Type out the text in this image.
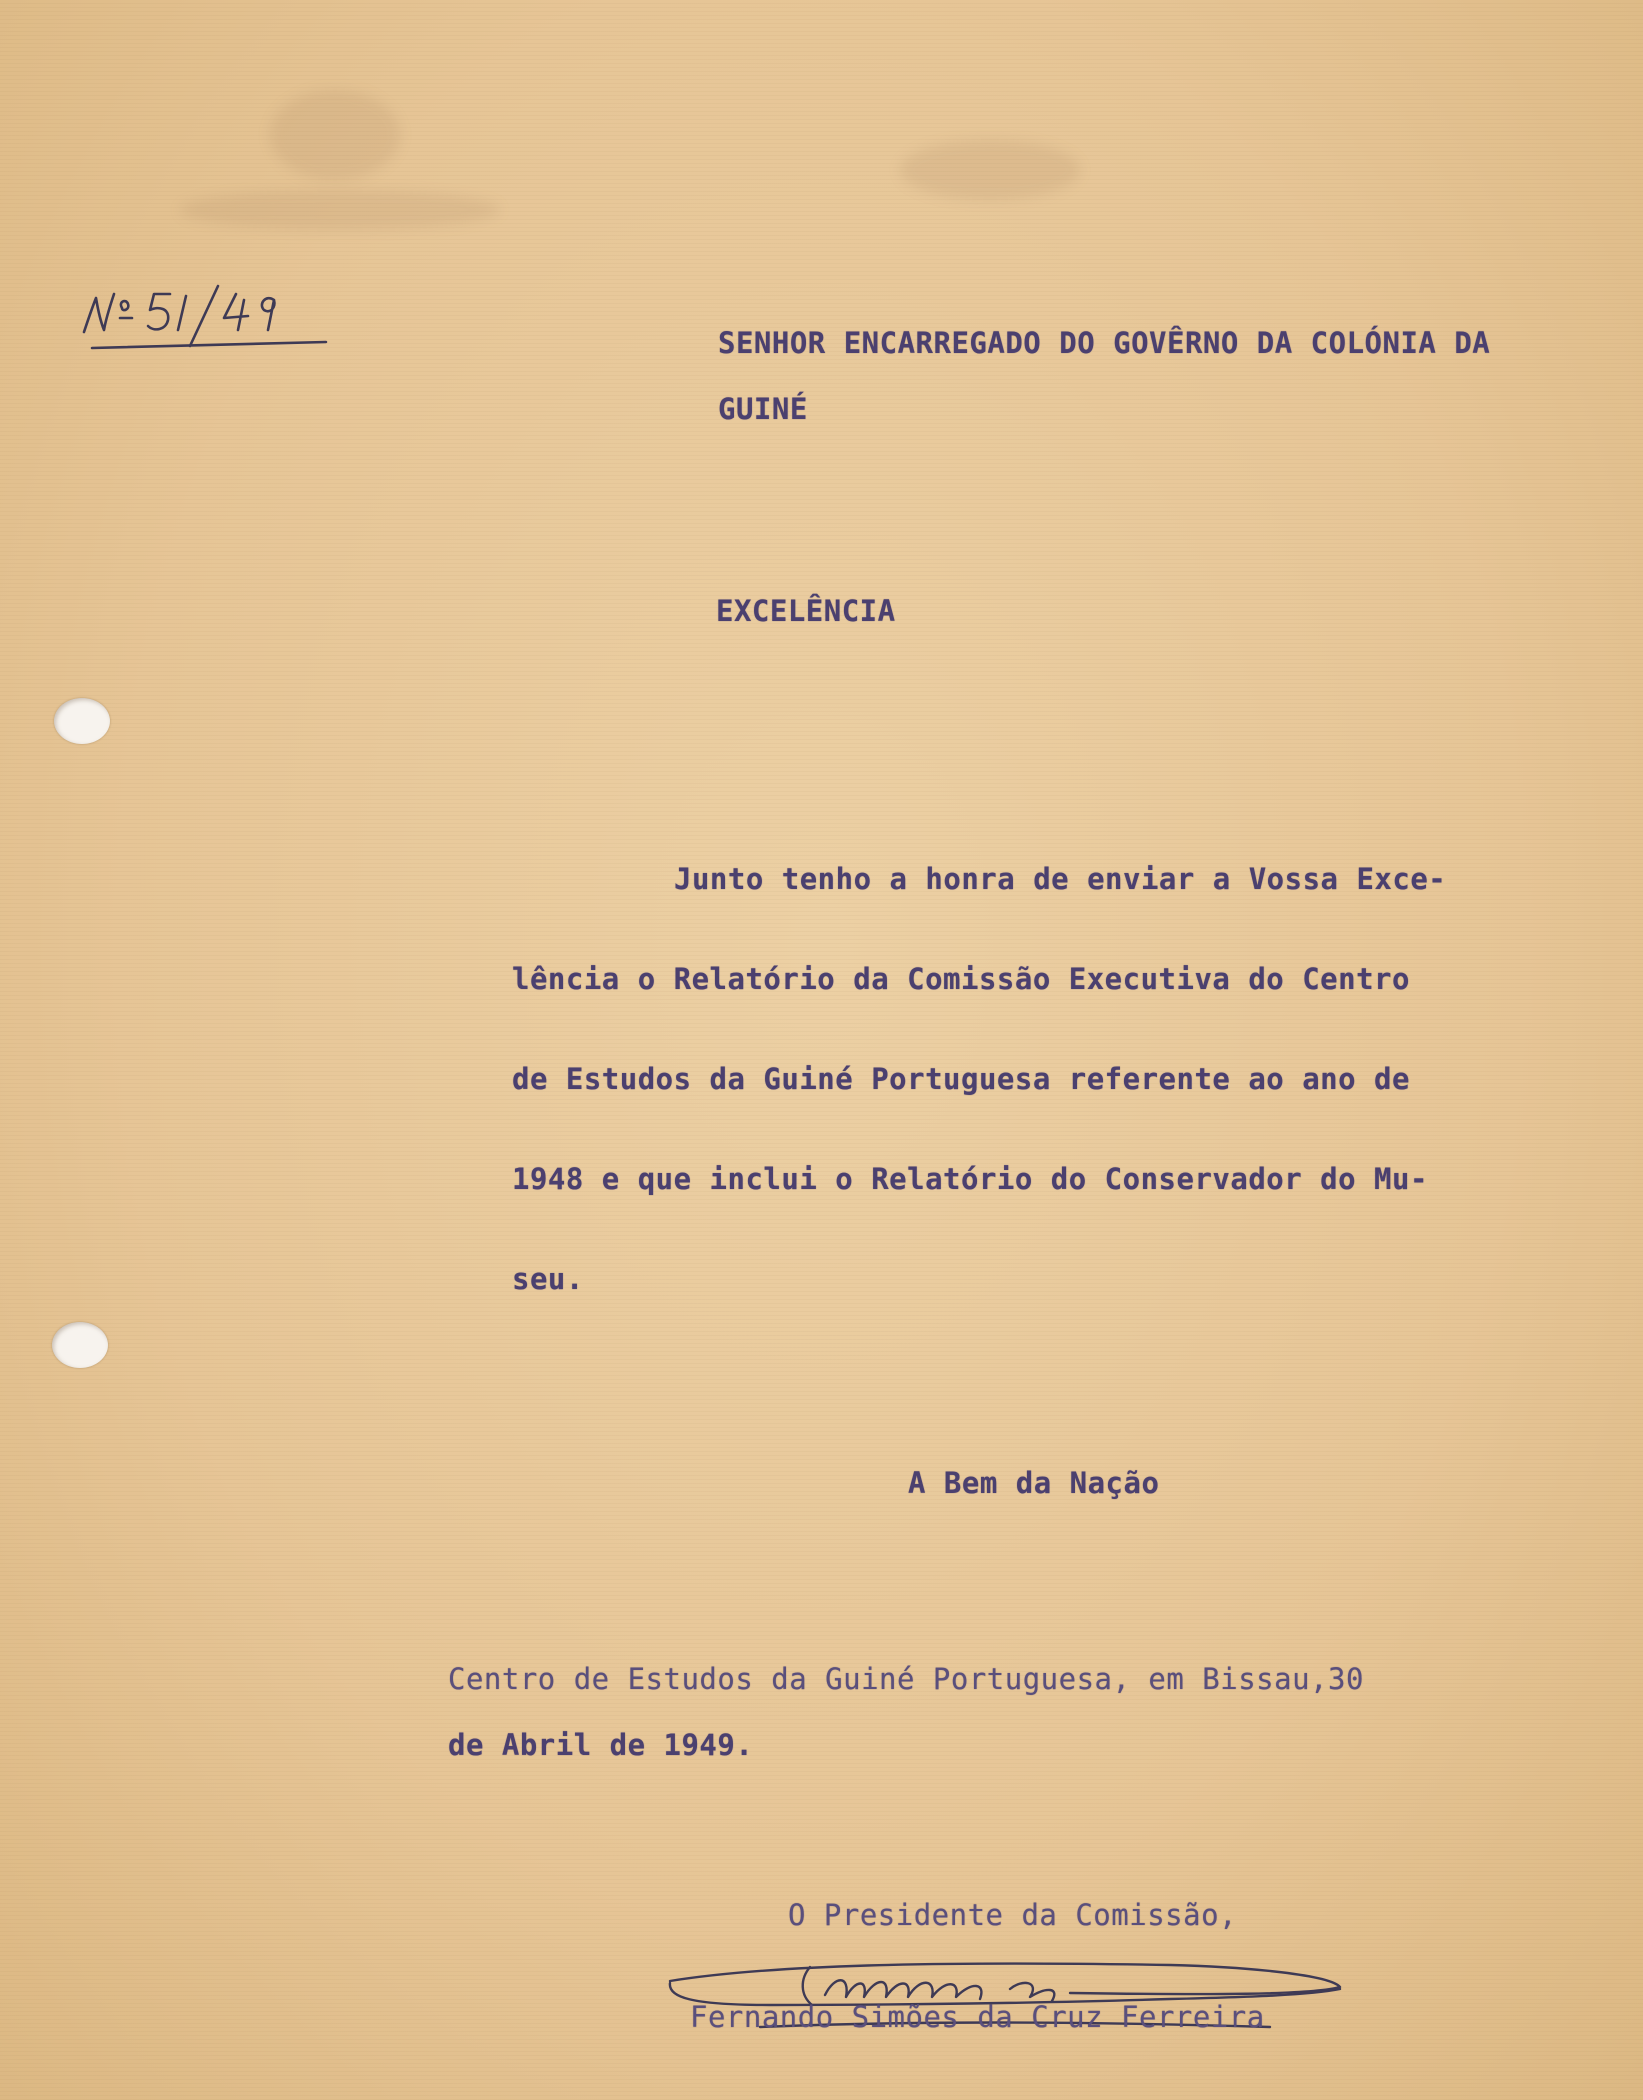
SENHOR ENCARREGADO DO GOVÊRNO DA COLÓNIA DA

GUINÉ

EXCELÊNCIA

Junto tenho a honra de enviar a Vossa Exce-

lência o Relatório da Comissão Executiva do Centro

de Estudos da Guiné Portuguesa referente ao ano de

1948 e que inclui o Relatório do Conservador do Mu-

seu.

A Bem da Nação

Centro de Estudos da Guiné Portuguesa, em Bissau,30

de Abril de 1949.

O Presidente da Comissão,

Fernando Simões da Cruz Ferreira
